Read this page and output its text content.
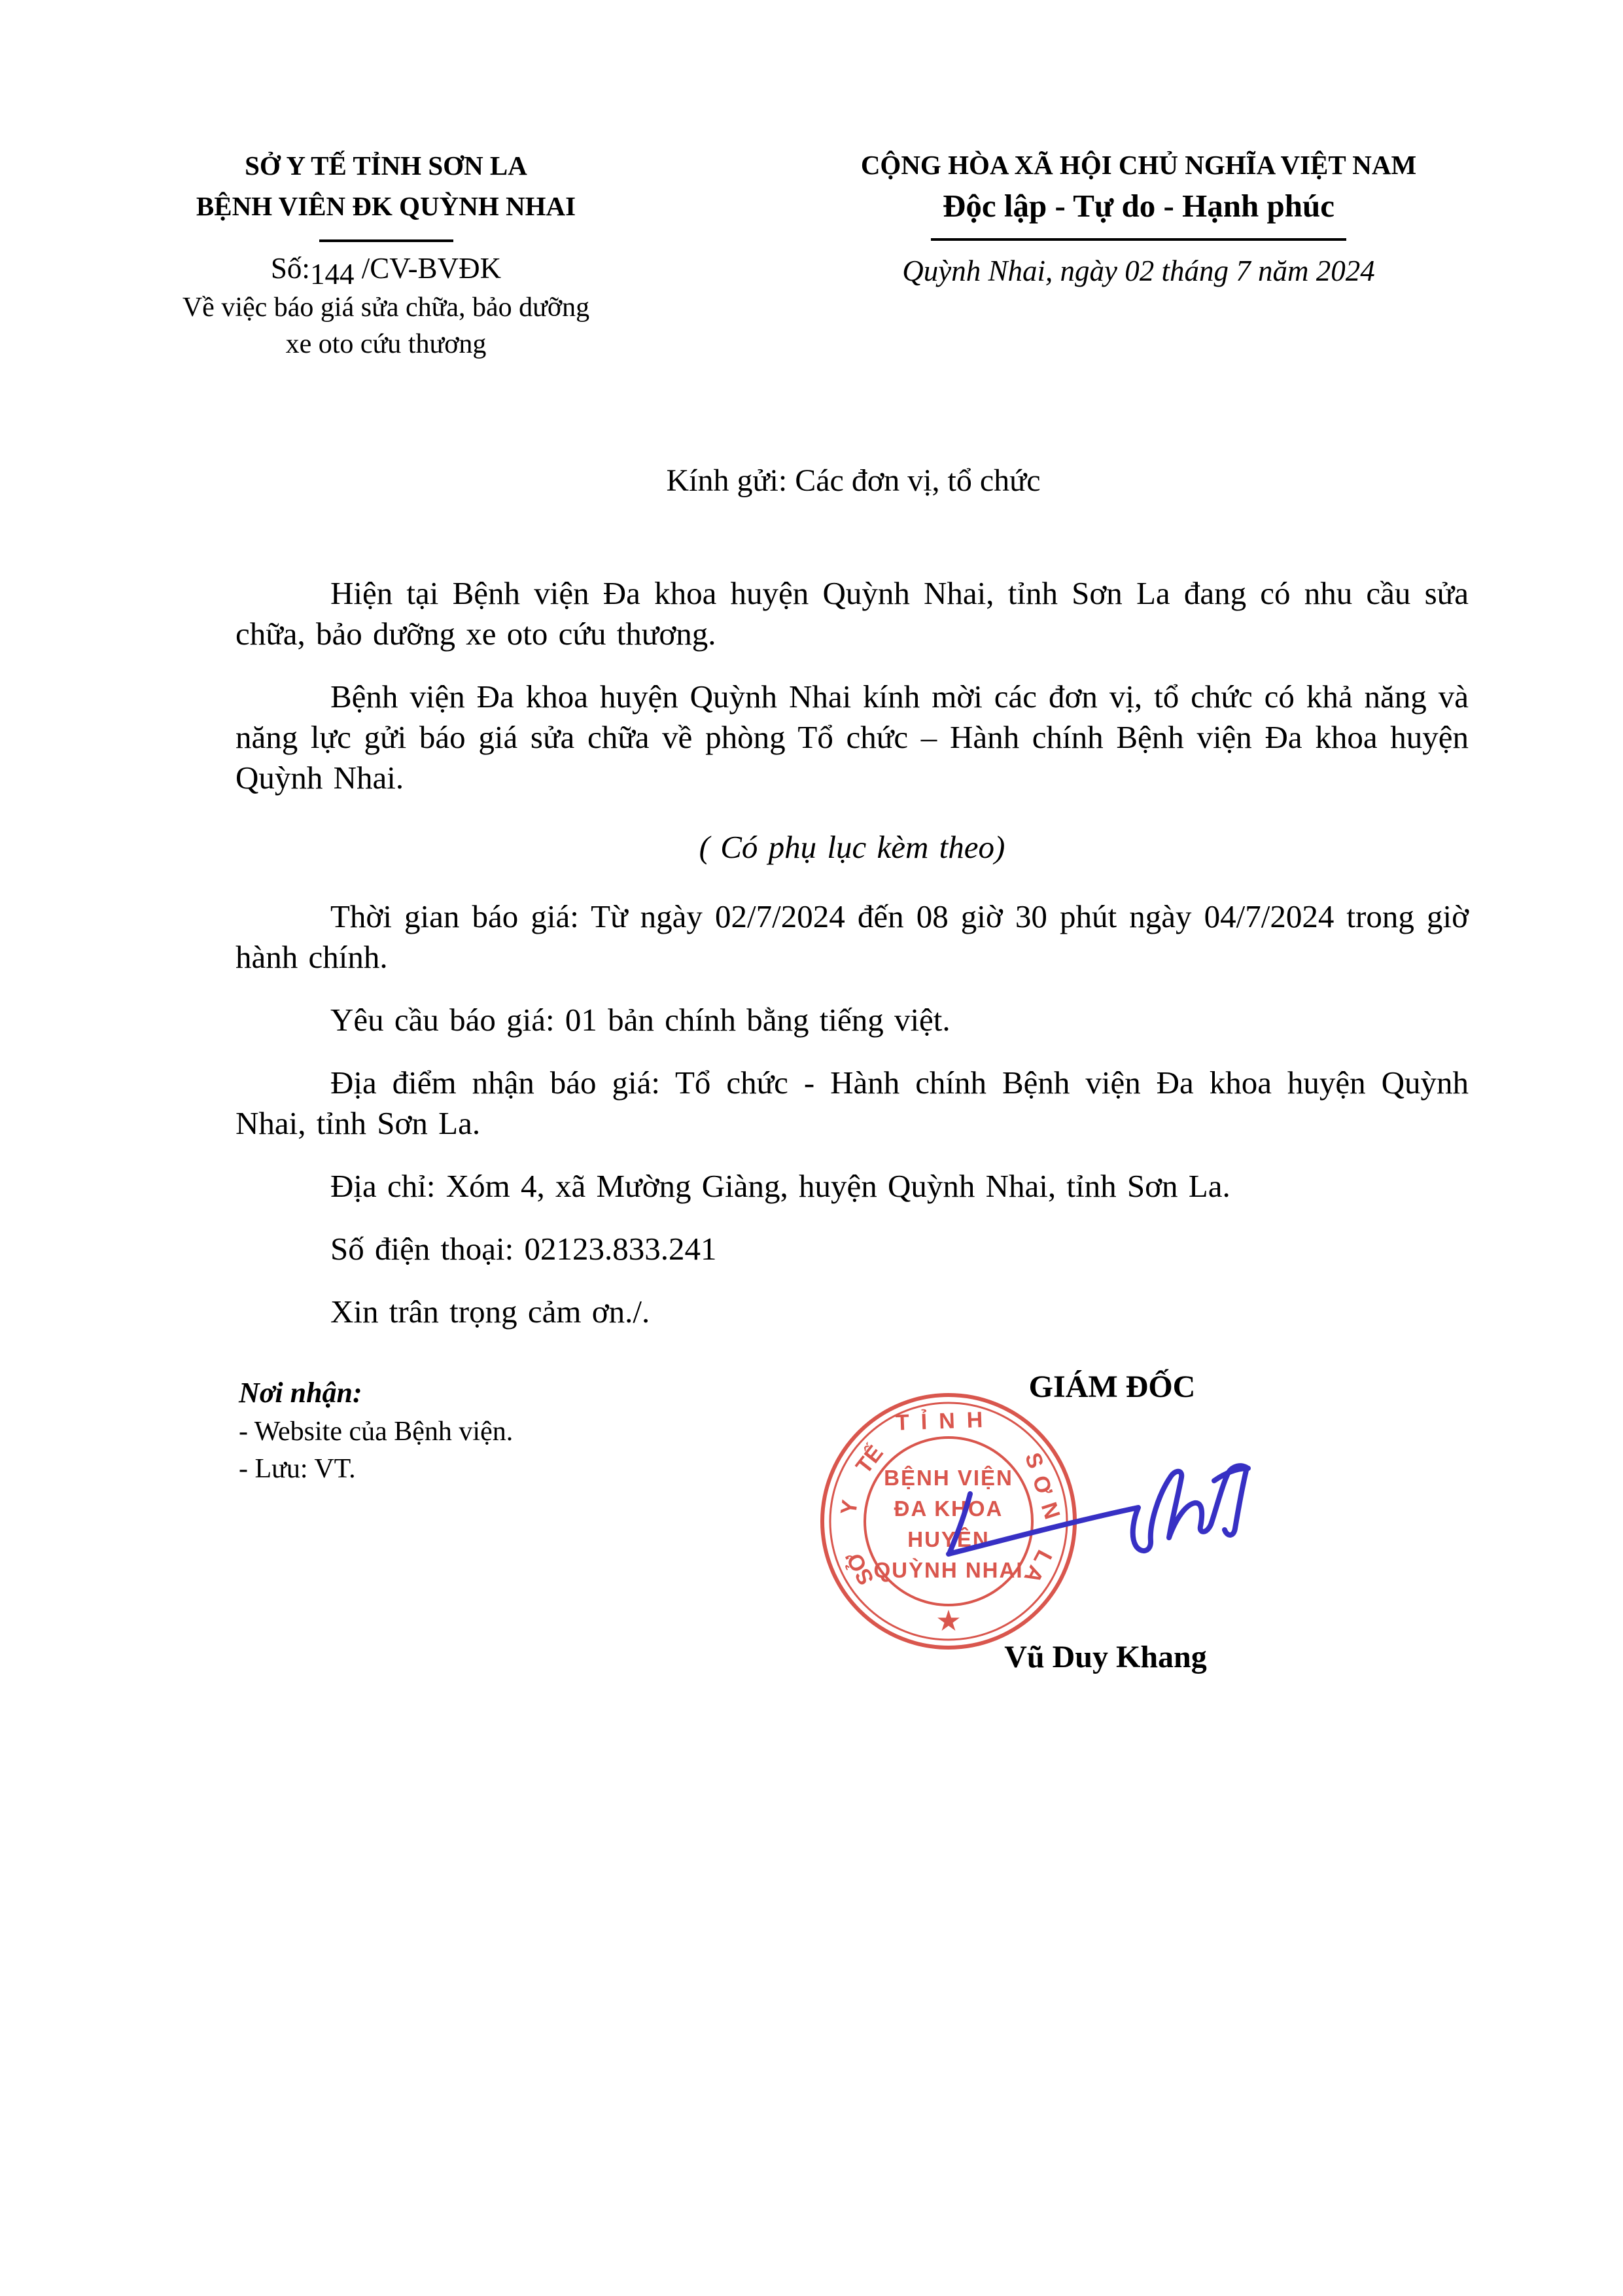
SỞ Y TẾ TỈNH SƠN LA
BỆNH VIÊN ĐK QUỲNH NHAI
Số:144 /CV-BVĐK
Về việc báo giá sửa chữa, bảo dưỡng xe oto cứu thương
CỘNG HÒA XÃ HỘI CHỦ NGHĨA VIỆT NAM
Độc lập - Tự do - Hạnh phúc
Quỳnh Nhai, ngày 02 tháng 7 năm 2024
Kính gửi: Các đơn vị, tổ chức

Hiện tại Bệnh viện Đa khoa huyện Quỳnh Nhai, tỉnh Sơn La đang có nhu cầu sửa chữa, bảo dưỡng xe oto cứu thương.

Bệnh viện Đa khoa huyện Quỳnh Nhai kính mời các đơn vị, tổ chức có khả năng và năng lực gửi báo giá sửa chữa về phòng Tổ chức – Hành chính Bệnh viện Đa khoa huyện Quỳnh Nhai.

( Có phụ lục kèm theo)

Thời gian báo giá: Từ ngày 02/7/2024 đến 08 giờ 30 phút ngày 04/7/2024 trong giờ hành chính.

Yêu cầu báo giá: 01 bản chính bằng tiếng việt.

Địa điểm nhận báo giá: Tổ chức - Hành chính Bệnh viện Đa khoa huyện Quỳnh Nhai, tỉnh Sơn La.

Địa chỉ: Xóm 4, xã Mường Giàng, huyện Quỳnh Nhai, tỉnh Sơn La.

Số điện thoại: 02123.833.241

Xin trân trọng cảm ơn./.

Nơi nhận:
- Website của Bệnh viện.
- Lưu: VT.
GIÁM ĐỐC
Vũ Duy Khang
SỞ
Y
TẾ
TỈNH
SƠN
LA
BỆNH VIỆN
ĐA KHOA
HUYỆN
QUỲNH NHAI
★
